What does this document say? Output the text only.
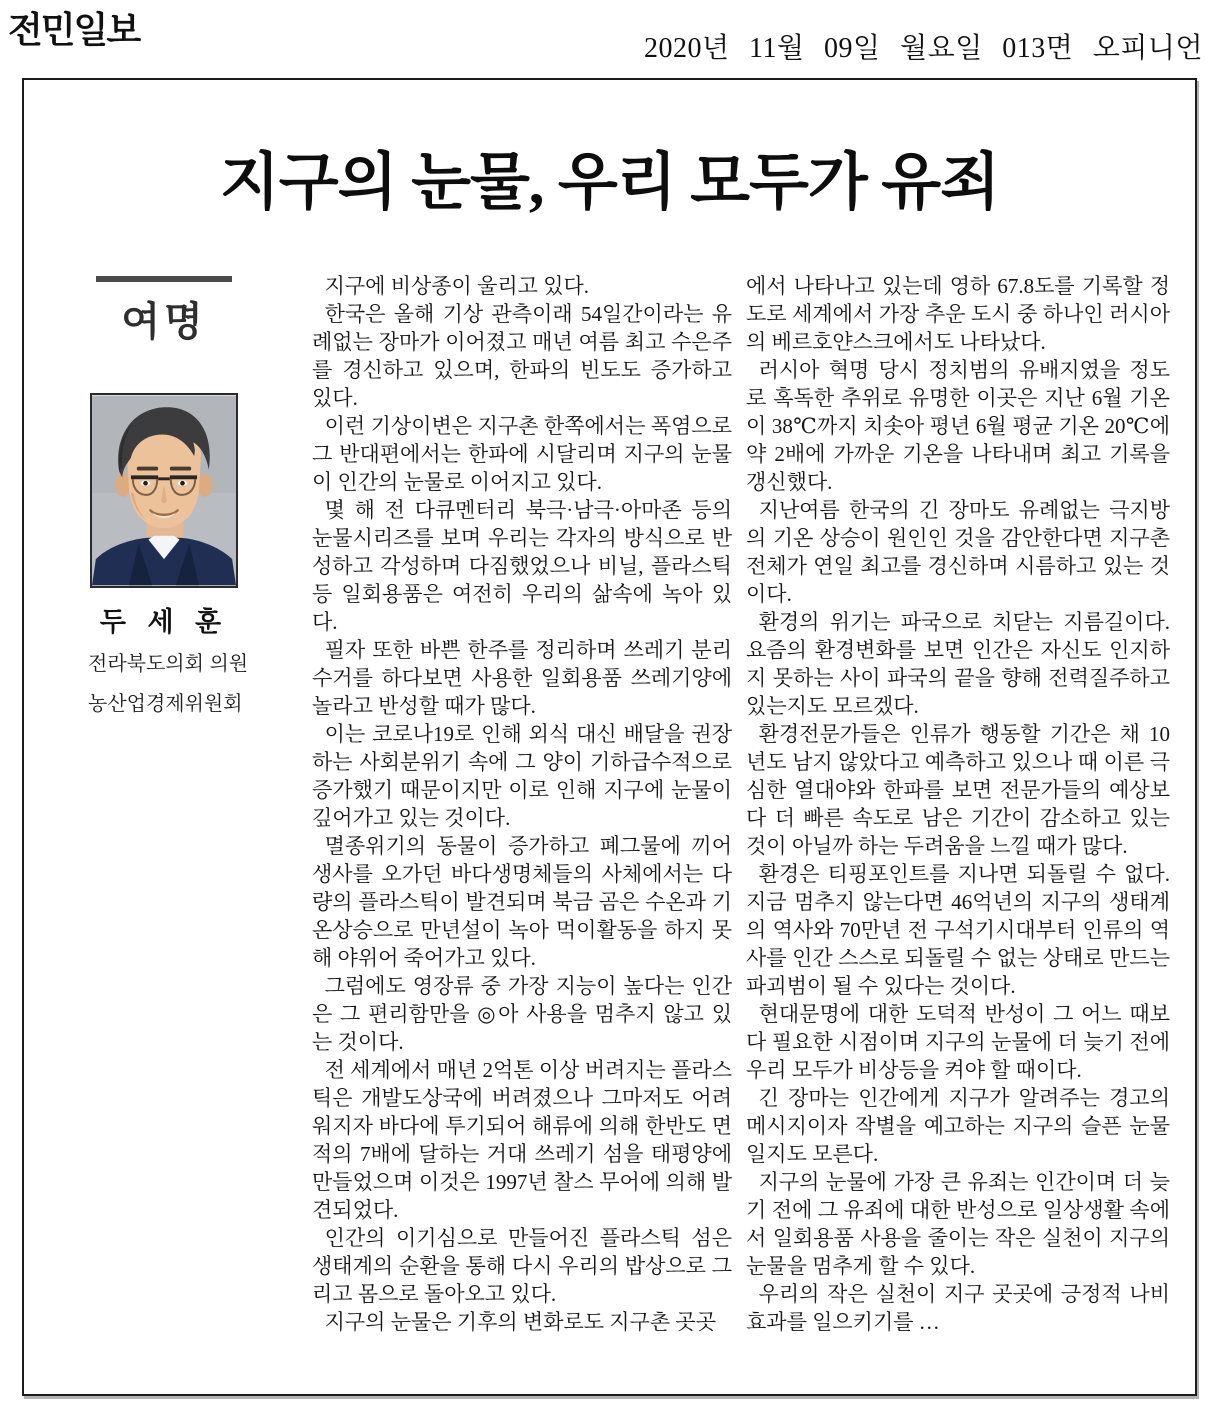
전민일보	2020년 11월 09일 월요일 013면 오피니언
지구의 눈물, 우리 모두가 유죄
여명
두 세 훈
전라북도의회 의원
농산업경제위원회

지구에 비상종이 울리고 있다.

한국은 올해 기상 관측이래 54일간이라는 유례없는 장마가 이어졌고 매년 여름 최고 수은주를 경신하고 있으며, 한파의 빈도도 증가하고 있다.

이런 기상이변은 지구촌 한쪽에서는 폭염으로 그 반대편에서는 한파에 시달리며 지구의 눈물이 인간의 눈물로 이어지고 있다.

몇 해 전 다큐멘터리 북극·남극·아마존 등의 눈물시리즈를 보며 우리는 각자의 방식으로 반성하고 각성하며 다짐했었으나 비닐, 플라스틱 등 일회용품은 여전히 우리의 삶속에 녹아 있다.

필자 또한 바쁜 한주를 정리하며 쓰레기 분리수거를 하다보면 사용한 일회용품 쓰레기양에 놀라고 반성할 때가 많다.

이는 코로나19로 인해 외식 대신 배달을 권장하는 사회분위기 속에 그 양이 기하급수적으로 증가했기 때문이지만 이로 인해 지구에 눈물이 깊어가고 있는 것이다.

멸종위기의 동물이 증가하고 폐그물에 끼어 생사를 오가던 바다생명체들의 사체에서는 다량의 플라스틱이 발견되며 북금 곰은 수온과 기온상승으로 만년설이 녹아 먹이활동을 하지 못해 야위어 죽어가고 있다.

그럼에도 영장류 중 가장 지능이 높다는 인간은 그 편리함만을 ◎아 사용을 멈추지 않고 있는 것이다.

전 세계에서 매년 2억톤 이상 버려지는 플라스틱은 개발도상국에 버려졌으나 그마저도 어려워지자 바다에 투기되어 해류에 의해 한반도 면적의 7배에 달하는 거대 쓰레기 섬을 태평양에 만들었으며 이것은 1997년 찰스 무어에 의해 발견되었다.

인간의 이기심으로 만들어진 플라스틱 섬은 생태계의 순환을 통해 다시 우리의 밥상으로 그리고 몸으로 돌아오고 있다.

지구의 눈물은 기후의 변화로도 지구촌 곳곳

에서 나타나고 있는데 영하 67.8도를 기록할 정도로 세계에서 가장 추운 도시 중 하나인 러시아의 베르호얀스크에서도 나타났다.

러시아 혁명 당시 정치범의 유배지였을 정도로 혹독한 추위로 유명한 이곳은 지난 6월 기온이 38℃까지 치솟아 평년 6월 평균 기온 20℃에 약 2배에 가까운 기온을 나타내며 최고 기록을 갱신했다.

지난여름 한국의 긴 장마도 유례없는 극지방의 기온 상승이 원인인 것을 감안한다면 지구촌 전체가 연일 최고를 경신하며 시름하고 있는 것이다.

환경의 위기는 파국으로 치닫는 지름길이다. 요즘의 환경변화를 보면 인간은 자신도 인지하지 못하는 사이 파국의 끝을 향해 전력질주하고 있는지도 모르겠다.

환경전문가들은 인류가 행동할 기간은 채 10년도 남지 않았다고 예측하고 있으나 때 이른 극심한 열대야와 한파를 보면 전문가들의 예상보다 더 빠른 속도로 남은 기간이 감소하고 있는 것이 아닐까 하는 두려움을 느낄 때가 많다.

환경은 티핑포인트를 지나면 되돌릴 수 없다. 지금 멈추지 않는다면 46억년의 지구의 생태계의 역사와 70만년 전 구석기시대부터 인류의 역사를 인간 스스로 되돌릴 수 없는 상태로 만드는 파괴범이 될 수 있다는 것이다.

현대문명에 대한 도덕적 반성이 그 어느 때보다 필요한 시점이며 지구의 눈물에 더 늦기 전에 우리 모두가 비상등을 켜야 할 때이다.

긴 장마는 인간에게 지구가 알려주는 경고의 메시지이자 작별을 예고하는 지구의 슬픈 눈물일지도 모른다.

지구의 눈물에 가장 큰 유죄는 인간이며 더 늦기 전에 그 유죄에 대한 반성으로 일상생활 속에서 일회용품 사용을 줄이는 작은 실천이 지구의 눈물을 멈추게 할 수 있다.

우리의 작은 실천이 지구 곳곳에 긍정적 나비효과를 일으키기를 …
